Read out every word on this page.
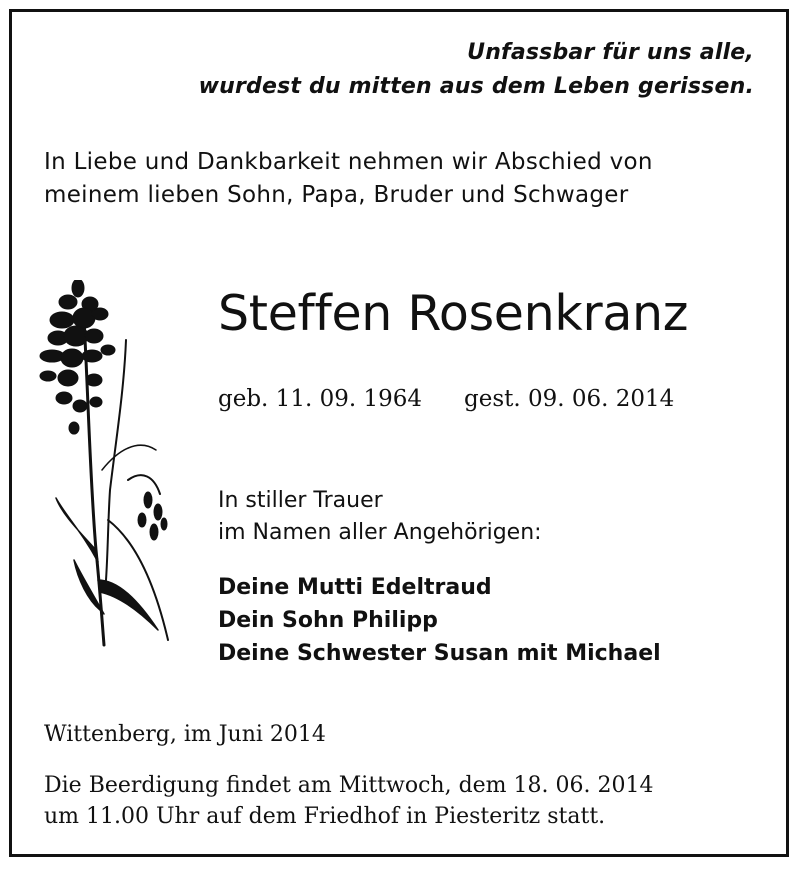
Unfassbar für uns alle,
wurdest du mitten aus dem Leben gerissen.
In Liebe und Dankbarkeit nehmen wir Abschied von
meinem lieben Sohn, Papa, Bruder und Schwager
Steffen Rosenkranz
geb. 11. 09. 1964 gest. 09. 06. 2014
In stiller Trauer
im Namen aller Angehörigen:
Deine Mutti Edeltraud
Dein Sohn Philipp
Deine Schwester Susan mit Michael
Wittenberg, im Juni 2014
Die Beerdigung findet am Mittwoch, dem 18. 06. 2014
um 11.00 Uhr auf dem Friedhof in Piesteritz statt.
